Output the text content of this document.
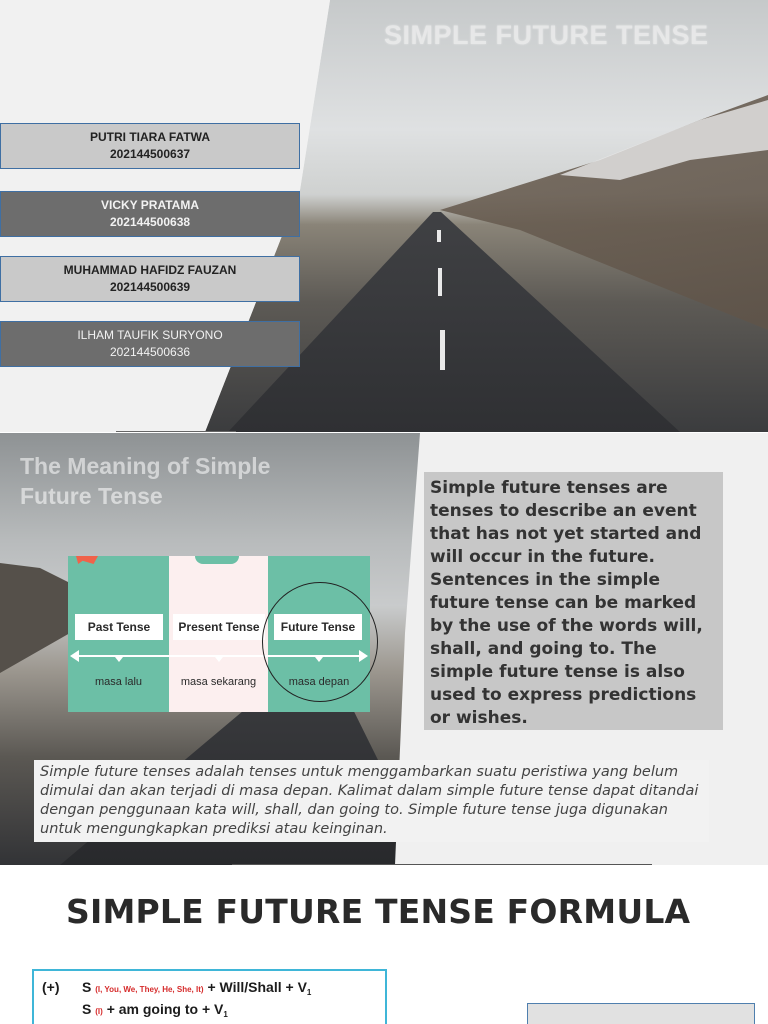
SIMPLE FUTURE TENSE
PUTRI TIARA FATWA
202144500637
VICKY PRATAMA
202144500638
MUHAMMAD HAFIDZ FAUZAN
202144500639
ILHAM TAUFIK SURYONO
202144500636
The Meaning of Simple
Future Tense	Simple future tenses are tenses to describe an event that has not yet started and will occur in the future. Sentences in the simple future tense can be marked by the use of the words will, shall, and going to. The simple future tense is also used to express predictions or wishes.
Past Tense	Present Tense	Future Tense
masa lalu	masa sekarang	masa depan
Simple future tenses adalah tenses untuk menggambarkan suatu peristiwa yang belum dimulai dan akan terjadi di masa depan. Kalimat dalam simple future tense dapat ditandai dengan penggunaan kata will, shall, dan going to. Simple future tense juga digunakan untuk mengungkapkan prediksi atau keinginan.
SIMPLE FUTURE TENSE FORMULA
(+)	S (I, You, We, They, He, She, It) + Will/Shall + $V_1$
S (I) + am going to + $V_1$
